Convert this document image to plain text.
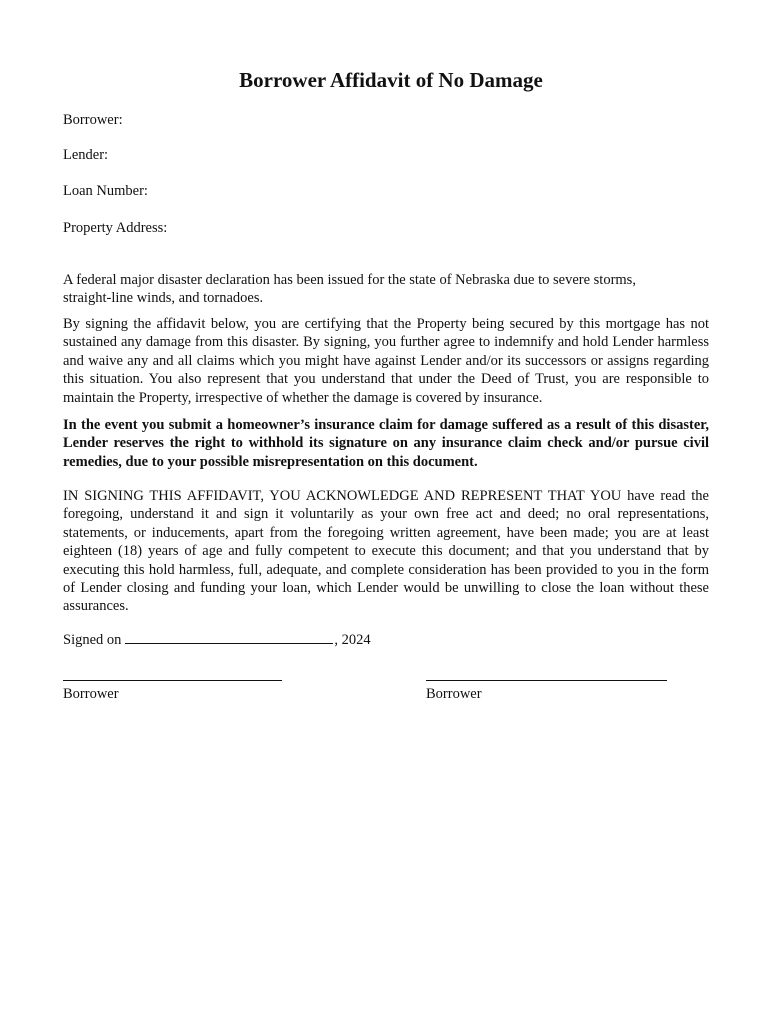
Borrower Affidavit of No Damage
Borrower:
Lender:
Loan Number:
Property Address:

A federal major disaster declaration has been issued for the state of Nebraska due to severe storms, straight-line winds, and tornadoes.

By signing the affidavit below, you are certifying that the Property being secured by this mortgage has not sustained any damage from this disaster. By signing, you further agree to indemnify and hold Lender harmless and waive any and all claims which you might have against Lender and/or its successors or assigns regarding this situation. You also represent that you understand that under the Deed of Trust, you are responsible to maintain the Property, irrespective of whether the damage is covered by insurance.

In the event you submit a homeowner’s insurance claim for damage suffered as a result of this disaster, Lender reserves the right to withhold its signature on any insurance claim check and/or pursue civil remedies, due to your possible misrepresentation on this document.

IN SIGNING THIS AFFIDAVIT, YOU ACKNOWLEDGE AND REPRESENT THAT YOU have read the foregoing, understand it and sign it voluntarily as your own free act and deed; no oral representations, statements, or inducements, apart from the foregoing written agreement, have been made; you are at least eighteen (18) years of age and fully competent to execute this document; and that you understand that by executing this hold harmless, full, adequate, and complete consideration has been provided to you in the form of Lender closing and funding your loan, which Lender would be unwilling to close the loan without these assurances.

Signed on	, 2024
Borrower	Borrower
